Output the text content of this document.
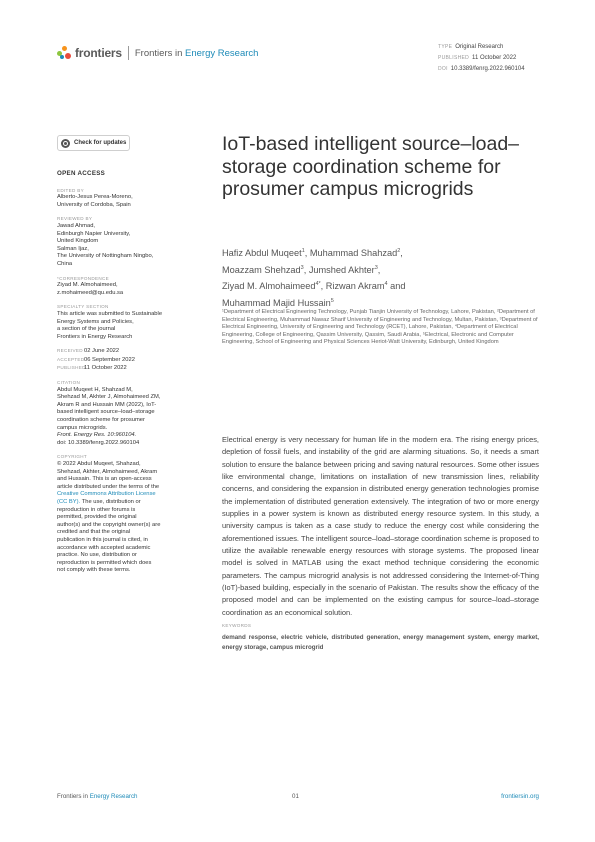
frontiers Frontiers in Energy Research
TYPE Original Research
PUBLISHED 11 October 2022
DOI 10.3389/fenrg.2022.960104
Check for updates
OPEN ACCESS
EDITED BY
Alberto-Jesus Perea-Moreno,
University of Cordoba, Spain
REVIEWED BY
Jawad Ahmad,
Edinburgh Napier University,
United Kingdom
Salman Ijaz,
The University of Nottingham Ningbo,
China
*CORRESPONDENCE
Ziyad M. Almohaimeed,
z.mohaimeed@qu.edu.sa
SPECIALTY SECTION
This article was submitted to Sustainable
Energy Systems and Policies,
a section of the journal
Frontiers in Energy Research
RECEIVED02 June 2022
ACCEPTED06 September 2022
PUBLISHED11 October 2022
CITATION
Abdul Muqeet H, Shahzad M,
Shehzad M, Akhter J, Almohaimeed ZM,
Akram R and Hussain MM (2022), IoT-
based intelligent source–load–storage
coordination scheme for prosumer
campus microgrids.
Front. Energy Res. 10:960104.
doi: 10.3389/fenrg.2022.960104
COPYRIGHT
© 2022 Abdul Muqeet, Shahzad,
Shehzad, Akhter, Almohaimeed, Akram
and Hussain. This is an open-access
article distributed under the terms of the
Creative Commons Attribution License
(CC BY). The use, distribution or
reproduction in other forums is
permitted, provided the original
author(s) and the copyright owner(s) are
credited and that the original
publication in this journal is cited, in
accordance with accepted academic
practice. No use, distribution or
reproduction is permitted which does
not comply with these terms.
IoT-based intelligent source–load–storage coordination scheme for prosumer campus microgrids
Hafiz Abdul Muqeet$^1$, Muhammad Shahzad$^2$,
Moazzam Shehzad$^3$, Jumshed Akhter$^3$,
Ziyad M. Almohaimeed$^{4*}$, Rizwan Akram$^4$ and
Muhammad Majid Hussain$^5$
¹Department of Electrical Engineering Technology, Punjab Tianjin University of Technology, Lahore, Pakistan, ²Department of Electrical Engineering, Muhammad Nawaz Sharif University of Engineering and Technology, Multan, Pakistan, ³Department of Electrical Engineering, University of Engineering and Technology (RCET), Lahore, Pakistan, ⁴Department of Electrical Engineering, College of Engineering, Qassim University, Qassim, Saudi Arabia, ⁵Electrical, Electronic and Computer Engineering, School of Engineering and Physical Sciences Heriot-Watt University, Edinburgh, United Kingdom
Electrical energy is very necessary for human life in the modern era. The rising energy prices, depletion of fossil fuels, and instability of the grid are alarming situations. So, it needs a smart solution to ensure the balance between pricing and saving natural resources. Some other issues like environmental change, limitations on installation of new transmission lines, reliability concerns, and considering the expansion in distributed energy generation technologies promise the implementation of distributed generation extensively. The integration of two or more energy supplies in a power system is known as distributed energy resource system. In this study, a university campus is taken as a case study to reduce the energy cost while considering the aforementioned issues. The intelligent source–load–storage coordination scheme is proposed to utilize the available renewable energy resources with storage systems. The proposed linear model is solved in MATLAB using the exact method technique considering the economic parameters. The campus microgrid analysis is not addressed considering the Internet-of-Thing (IoT)-based building, especially in the scenario of Pakistan. The results show the efficacy of the proposed model and can be implemented on the existing campus for source–load–storage coordination as an economical solution.
KEYWORDS
demand response, electric vehicle, distributed generation, energy management system, energy market, energy storage, campus microgrid
Frontiers in Energy Research	01	frontiersin.org
